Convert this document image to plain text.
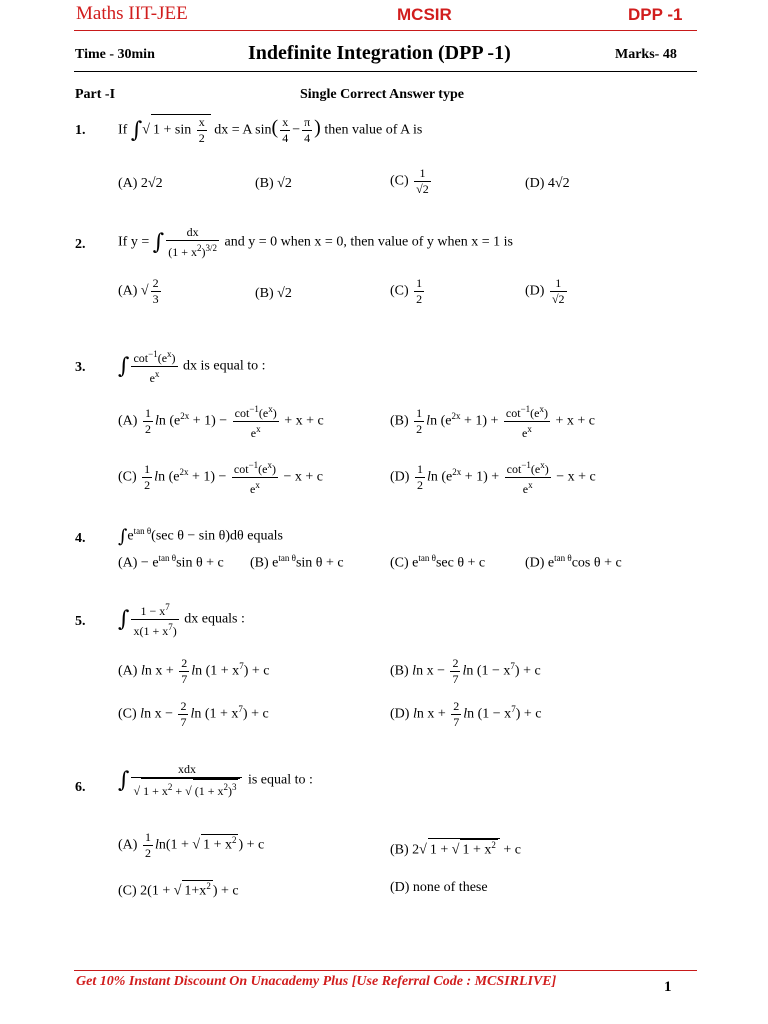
Maths IIT-JEE	MCSIR	DPP -1
Time - 30min	Indefinite Integration (DPP -1)	Marks- 48
Part -I	Single Correct Answer type
1. If ∫√ $1 + \sin \frac{x}{2}$ dx = A $\sin( \frac{x}{4} - \frac{\pi}{4}$ ) then value of A is
(A) 2√2	(B) √2	$(C) \frac{1}{√2}$	(D) 4√2
2. If y = ∫ $\frac{dx}{(1 + x^2)^{3/2}}$ and y = 0 when x = 0, then value of y when x = 1 is
(A) √ $\frac{2}{3}$	(B) √2	$(C) \frac{1}{2}$	$(D) \frac{1}{√2}$
3. ∫ $\frac{\cot^{-1}(e^x)}{e^x}$ dx is equal to :
$(A) \frac{1}{2}$ $\ln (e^{2x} + 1) - \frac{\cot^{-1}(e^x)}{e^x} + x + c$	$(B) \frac{1}{2}$ $\ln (e^{2x} + 1) + \frac{\cot^{-1}(e^x)}{e^x} + x + c$
$(C) \frac{1}{2}$ $\ln (e^{2x} + 1) - \frac{\cot^{-1}(e^x)}{e^x} - x + c$	$(D) \frac{1}{2}$ $\ln (e^{2x} + 1) + \frac{\cot^{-1}(e^x)}{e^x} - x + c$
4. $\int e^{tan \theta}(\sec$ θ − sin θ)dθ equals
$(A) - e^{tan \theta}\sin$ θ + c (B) $e^{tan \theta}\sin$ θ + c	(C) $e^{tan \theta}\sec$ θ + c	(D) $e^{tan \theta}\cos$ θ + c
5. ∫ $\frac{1 - x^7}{x(1 + x^7)}$ dx equals :
(A) $\ln x + \frac{2}{7}$ $\ln (1 + x^7) + c$	(B) $\ln x - \frac{2}{7}$ $\ln (1 - x^7) + c$
(C) $\ln x - \frac{2}{7}$ $\ln (1 + x^7) + c$	(D) $\ln x + \frac{2}{7}$ $\ln (1 - x^7) + c$
6. ∫ $\frac{\text{xdx}}{√ 1 + x^2 + √ (1 + x^2)^3}$ is equal to :
$(A) \frac{1}{2} \ln(1$ + √ $1 + x^2$ ) + c	(B) 2√ 1 + √ $1 + x^2 + c$
(C) 2(1 + √ $1+x^2$ ) + c	(D) none of these
Get 10% Instant Discount On Unacademy Plus [Use Referral Code : MCSIRLIVE]	1
